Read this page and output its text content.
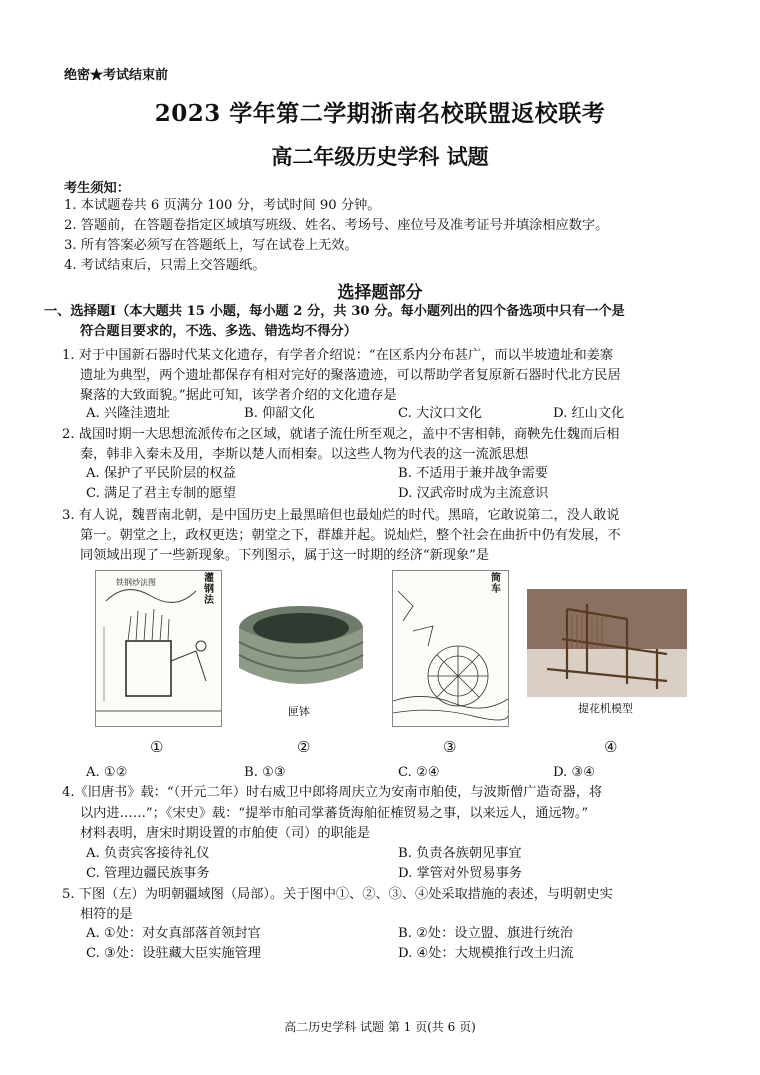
绝密★考试结束前
2023 学年第二学期浙南名校联盟返校联考
高二年级历史学科 试题
考生须知：
1. 本试题卷共 6 页满分 100 分，考试时间 90 分钟。
2. 答题前，在答题卷指定区域填写班级、姓名、考场号、座位号及准考证号并填涂相应数字。
3. 所有答案必须写在答题纸上，写在试卷上无效。
4. 考试结束后，只需上交答题纸。
选择题部分
一、选择题Ⅰ（本大题共 15 小题，每小题 2 分，共 30 分。每小题列出的四个备选项中只有一个是
符合题目要求的，不选、多选、错选均不得分）
1. 对于中国新石器时代某文化遗存，有学者介绍说：“在区系内分布甚广，而以半坡遗址和姜寨
遗址为典型，两个遗址都保存有相对完好的聚落遗迹，可以帮助学者复原新石器时代北方民居
聚落的大致面貌。”据此可知，该学者介绍的文化遗存是
A. 兴隆洼遗址	B. 仰韶文化	C. 大汶口文化	D. 红山文化
2. 战国时期一大思想流派传布之区域，就诸子流仕所至观之，盖中不害相韩，商鞅先仕魏而后相
秦，韩非入秦未及用，李斯以楚人而相秦。以这些人物为代表的这一流派思想
A. 保护了平民阶层的权益	B. 不适用于兼并战争需要
C. 满足了君主专制的愿望	D. 汉武帝时成为主流意识
3. 有人说，魏晋南北朝，是中国历史上最黑暗但也最灿烂的时代。黑暗，它敢说第二，没人敢说
第一。朝堂之上，政权更迭；朝堂之下，群雄并起。说灿烂，整个社会在曲折中仍有发展，不
同领域出现了一些新现象。下列图示，属于这一时期的经济“新现象”是
铁钢炒法图	灌钢法
匣钵
筒车
提花机模型
①	②	③	④
A. ①②	B. ①③	C. ②④	D. ③④
4.《旧唐书》载：“（开元二年）时右威卫中郎将周庆立为安南市舶使，与波斯僧广造奇器，将
以内进……”；《宋史》载：“提举市舶司掌蕃货海舶征榷贸易之事，以来远人，通远物。”
材料表明，唐宋时期设置的市舶使（司）的职能是
A. 负责宾客接待礼仪	B. 负责各族朝见事宜
C. 管理边疆民族事务	D. 掌管对外贸易事务
5. 下图（左）为明朝疆域图（局部）。关于图中①、②、③、④处采取措施的表述，与明朝史实
相符的是
A. ①处：对女真部落首领封官	B. ②处：设立盟、旗进行统治
C. ③处：设驻藏大臣实施管理	D. ④处：大规模推行改土归流
高二历史学科 试题 第 1 页(共 6 页)
